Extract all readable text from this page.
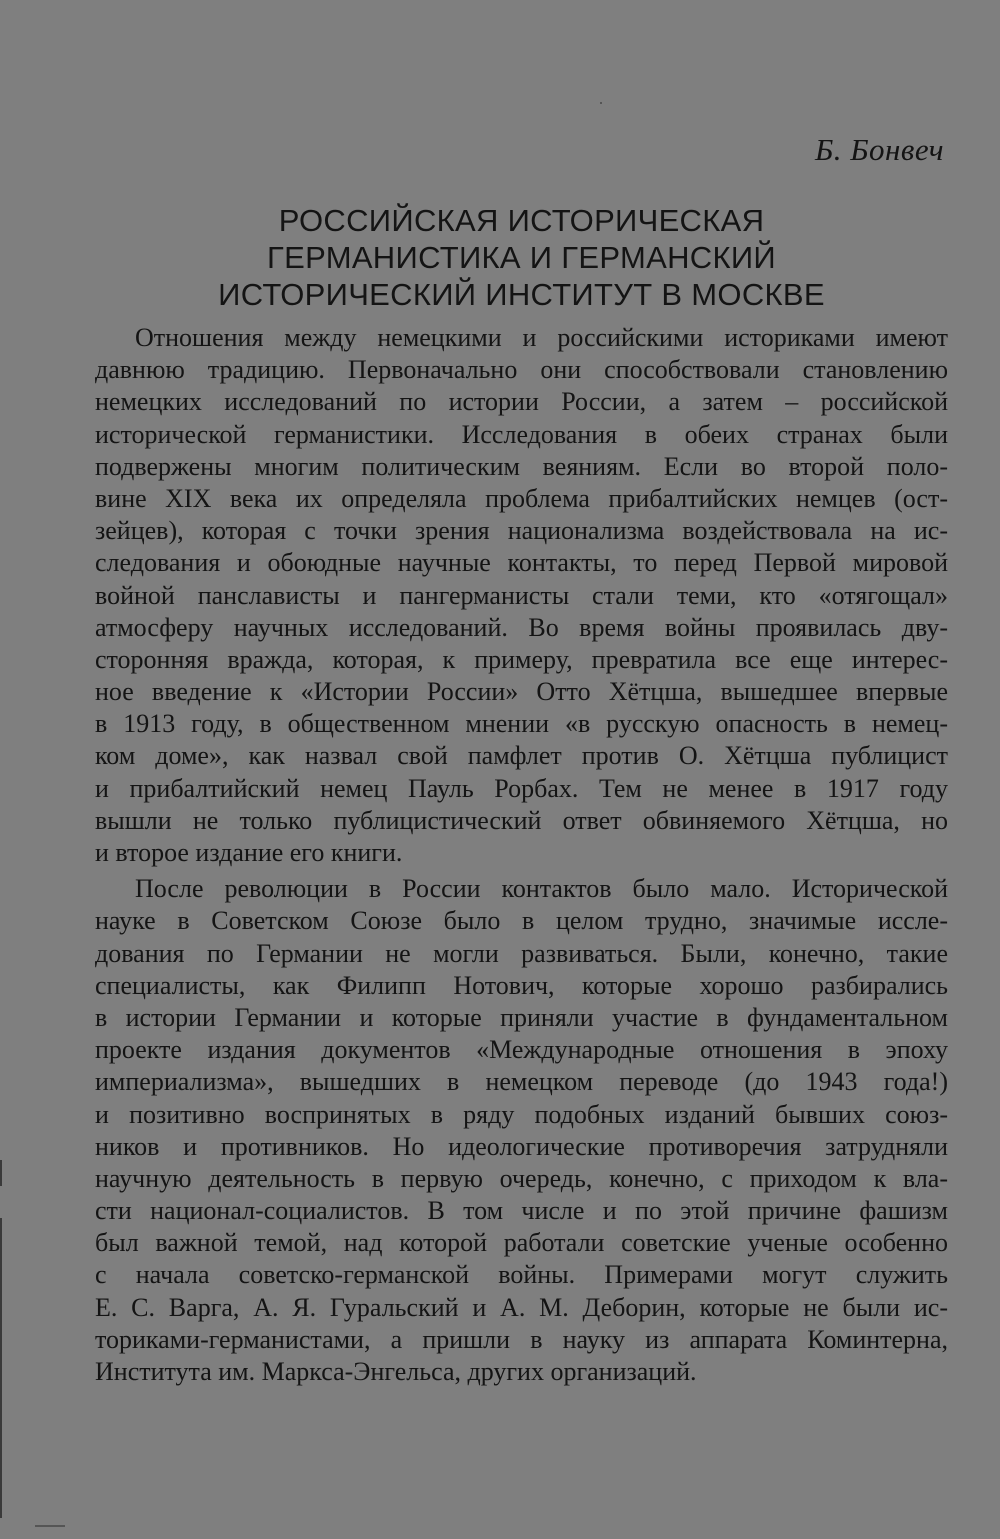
Б. Бонвеч
РОССИЙСКАЯ ИСТОРИЧЕСКАЯ
ГЕРМАНИСТИКА И ГЕРМАНСКИЙ
ИСТОРИЧЕСКИЙ ИНСТИТУТ В МОСКВЕ
Отношения между немецкими и российскими историками имеют
давнюю традицию. Первоначально они способствовали становлению
немецких исследований по истории России, а затем – российской
исторической германистики. Исследования в обеих странах были
подвержены многим политическим веяниям. Если во второй поло-
вине XIX века их определяла проблема прибалтийских немцев (ост-
зейцев), которая с точки зрения национализма воздействовала на ис-
следования и обоюдные научные контакты, то перед Первой мировой
войной панслависты и пангерманисты стали теми, кто «отягощал»
атмосферу научных исследований. Во время войны проявилась дву-
сторонняя вражда, которая, к примеру, превратила все еще интерес-
ное введение к «Истории России» Отто Хётцша, вышедшее впервые
в 1913 году, в общественном мнении «в русскую опасность в немец-
ком доме», как назвал свой памфлет против О. Хётцша публицист
и прибалтийский немец Пауль Рорбах. Тем не менее в 1917 году
вышли не только публицистический ответ обвиняемого Хётцша, но
и второе издание его книги.
После революции в России контактов было мало. Исторической
науке в Советском Союзе было в целом трудно, значимые иссле-
дования по Германии не могли развиваться. Были, конечно, такие
специалисты, как Филипп Нотович, которые хорошо разбирались
в истории Германии и которые приняли участие в фундаментальном
проекте издания документов «Международные отношения в эпоху
империализма», вышедших в немецком переводе (до 1943 года!)
и позитивно воспринятых в ряду подобных изданий бывших союз-
ников и противников. Но идеологические противоречия затрудняли
научную деятельность в первую очередь, конечно, с приходом к вла-
сти национал-социалистов. В том числе и по этой причине фашизм
был важной темой, над которой работали советские ученые особенно
с начала советско-германской войны. Примерами могут служить
Е. С. Варга, А. Я. Гуральский и А. М. Деборин, которые не были ис-
ториками-германистами, а пришли в науку из аппарата Коминтерна,
Института им. Маркса-Энгельса, других организаций.
